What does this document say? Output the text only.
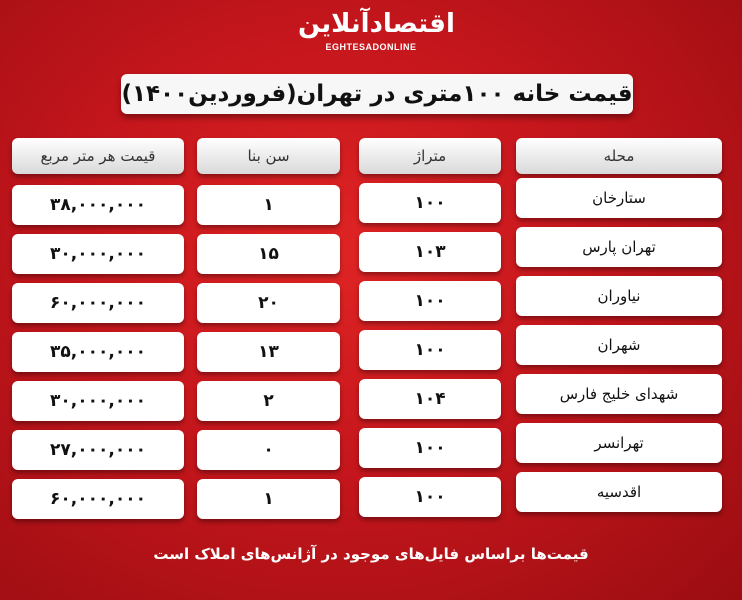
اقتصادآنلاین
EGHTESADONLINE
قیمت خانه ۱۰۰متری در تهران(فروردین۱۴۰۰)
قیمت هر متر مربع	سن بنا	متراژ	محله
۳۸,۰۰۰,۰۰۰	۱	۱۰۰	ستارخان
۳۰,۰۰۰,۰۰۰	۱۵	۱۰۳	تهران پارس
۶۰,۰۰۰,۰۰۰	۲۰	۱۰۰	نیاوران
۳۵,۰۰۰,۰۰۰	۱۳	۱۰۰	شهران
۳۰,۰۰۰,۰۰۰	۲	۱۰۴	شهدای خلیج فارس
۲۷,۰۰۰,۰۰۰	۰	۱۰۰	تهرانسر
۶۰,۰۰۰,۰۰۰	۱	۱۰۰	اقدسیه
قیمت‌ها براساس فایل‌های موجود در آژانس‌های املاک است
